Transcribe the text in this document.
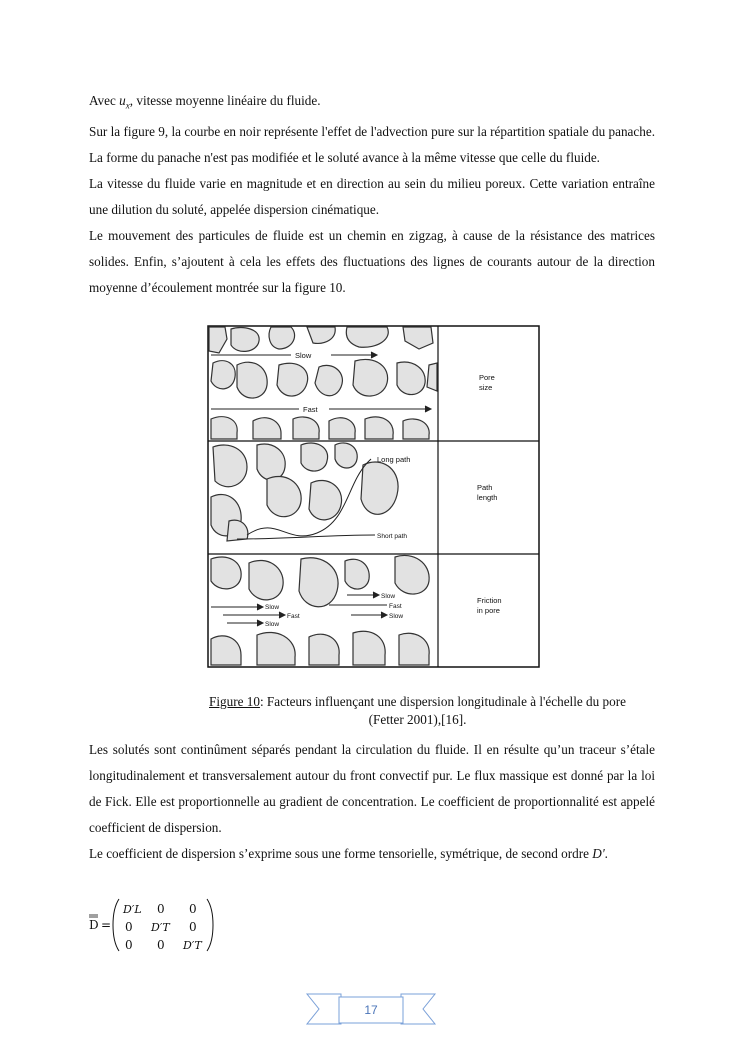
Avec $u_x$, vitesse moyenne linéaire du fluide.

Sur la figure 9, la courbe en noir représente l'effet de l'advection pure sur la répartition spatiale du panache. La forme du panache n'est pas modifiée et le soluté avance à la même vitesse que celle du fluide.

La vitesse du fluide varie en magnitude et en direction au sein du milieu poreux. Cette variation entraîne une dilution du soluté, appelée dispersion cinématique.

Le mouvement des particules de fluide est un chemin en zigzag, à cause de la résistance des matrices solides. Enfin, s’ajoutent à cela les effets des fluctuations des lignes de courants autour de la direction moyenne d’écoulement montrée sur la figure 10.

Slow
Fast
Pore
size
Long path
Short path
Path
length
Slow
Fast
Slow
Slow
Fast
Slow
Friction
in pore
Figure 10: Facteurs influençant une dispersion longitudinale à l'échelle du pore
(Fetter 2001),[16].

Les solutés sont continûment séparés pendant la circulation du fluide. Il en résulte qu’un traceur s’étale longitudinalement et transversalement autour du front convectif pur. Le flux massique est donné par la loi de Fick. Elle est proportionnelle au gradient de concentration. Le coefficient de proportionnalité est appelé coefficient de dispersion.

Le coefficient de dispersion s’exprime sous une forme tensorielle, symétrique, de second ordre D'.

D =
D′L 0 0
0 D′T 0
0 0 D′T
17
